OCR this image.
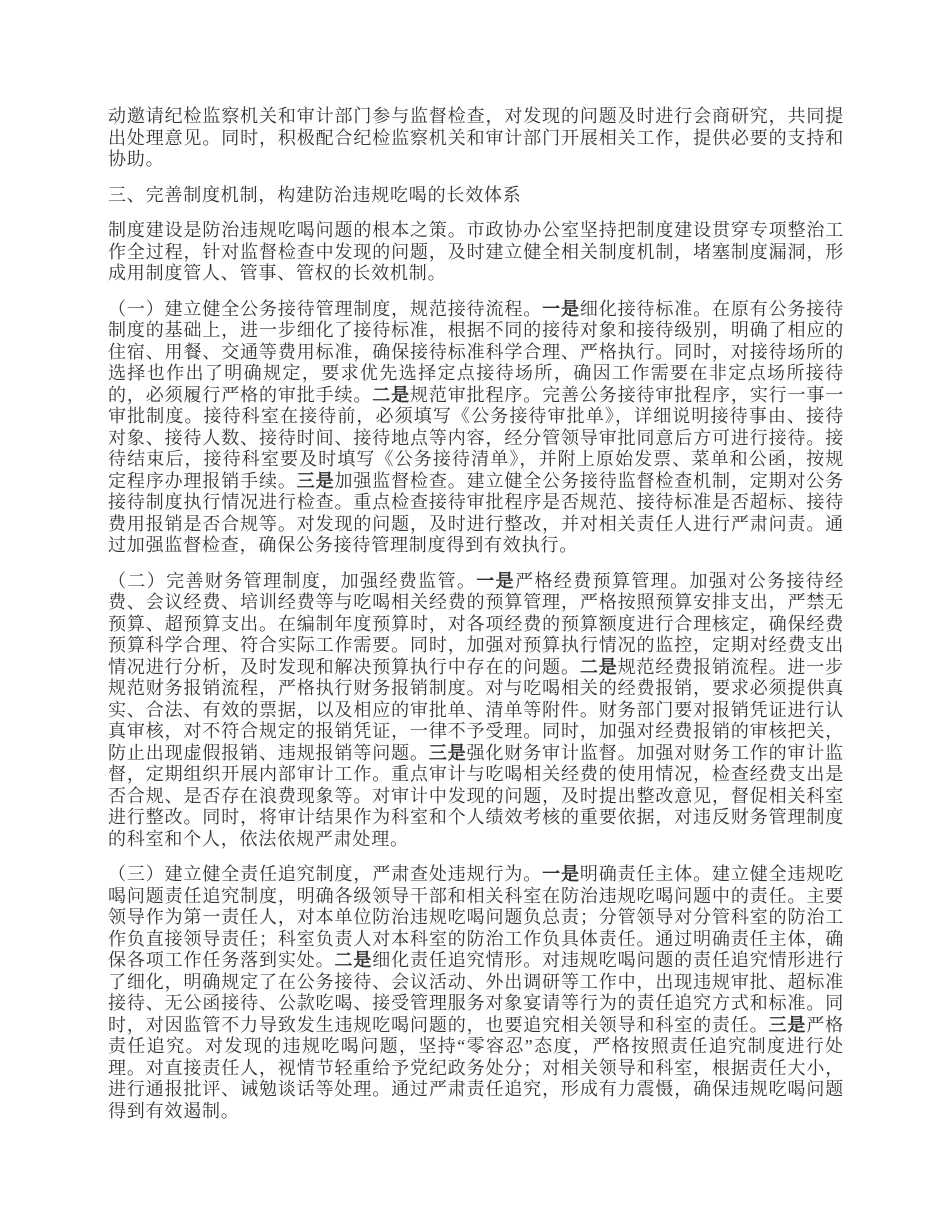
动邀请纪检监察机关和审计部门参与监督检查，对发现的问题及时进行会商研究，共同提出处理意见。同时，积极配合纪检监察机关和审计部门开展相关工作，提供必要的支持和协助。

三、完善制度机制，构建防治违规吃喝的长效体系

制度建设是防治违规吃喝问题的根本之策。市政协办公室坚持把制度建设贯穿专项整治工作全过程，针对监督检查中发现的问题，及时建立健全相关制度机制，堵塞制度漏洞，形成用制度管人、管事、管权的长效机制。

（一）建立健全公务接待管理制度，规范接待流程。一是细化接待标准。在原有公务接待制度的基础上，进一步细化了接待标准，根据不同的接待对象和接待级别，明确了相应的住宿、用餐、交通等费用标准，确保接待标准科学合理、严格执行。同时，对接待场所的选择也作出了明确规定，要求优先选择定点接待场所，确因工作需要在非定点场所接待的，必须履行严格的审批手续。二是规范审批程序。完善公务接待审批程序，实行一事一审批制度。接待科室在接待前，必须填写《公务接待审批单》，详细说明接待事由、接待对象、接待人数、接待时间、接待地点等内容，经分管领导审批同意后方可进行接待。接待结束后，接待科室要及时填写《公务接待清单》，并附上原始发票、菜单和公函，按规定程序办理报销手续。三是加强监督检查。建立健全公务接待监督检查机制，定期对公务接待制度执行情况进行检查。重点检查接待审批程序是否规范、接待标准是否超标、接待费用报销是否合规等。对发现的问题，及时进行整改，并对相关责任人进行严肃问责。通过加强监督检查，确保公务接待管理制度得到有效执行。

（二）完善财务管理制度，加强经费监管。一是严格经费预算管理。加强对公务接待经费、会议经费、培训经费等与吃喝相关经费的预算管理，严格按照预算安排支出，严禁无预算、超预算支出。在编制年度预算时，对各项经费的预算额度进行合理核定，确保经费预算科学合理、符合实际工作需要。同时，加强对预算执行情况的监控，定期对经费支出情况进行分析，及时发现和解决预算执行中存在的问题。二是规范经费报销流程。进一步规范财务报销流程，严格执行财务报销制度。对与吃喝相关的经费报销，要求必须提供真实、合法、有效的票据，以及相应的审批单、清单等附件。财务部门要对报销凭证进行认真审核，对不符合规定的报销凭证，一律不予受理。同时，加强对经费报销的审核把关，防止出现虚假报销、违规报销等问题。三是强化财务审计监督。加强对财务工作的审计监督，定期组织开展内部审计工作。重点审计与吃喝相关经费的使用情况，检查经费支出是否合规、是否存在浪费现象等。对审计中发现的问题，及时提出整改意见，督促相关科室进行整改。同时，将审计结果作为科室和个人绩效考核的重要依据，对违反财务管理制度的科室和个人，依法依规严肃处理。

（三）建立健全责任追究制度，严肃查处违规行为。一是明确责任主体。建立健全违规吃喝问题责任追究制度，明确各级领导干部和相关科室在防治违规吃喝问题中的责任。主要领导作为第一责任人，对本单位防治违规吃喝问题负总责；分管领导对分管科室的防治工作负直接领导责任；科室负责人对本科室的防治工作负具体责任。通过明确责任主体，确保各项工作任务落到实处。二是细化责任追究情形。对违规吃喝问题的责任追究情形进行了细化，明确规定了在公务接待、会议活动、外出调研等工作中，出现违规审批、超标准接待、无公函接待、公款吃喝、接受管理服务对象宴请等行为的责任追究方式和标准。同时，对因监管不力导致发生违规吃喝问题的，也要追究相关领导和科室的责任。三是严格责任追究。对发现的违规吃喝问题，坚持“零容忍”态度，严格按照责任追究制度进行处理。对直接责任人，视情节轻重给予党纪政务处分；对相关领导和科室，根据责任大小，进行通报批评、诫勉谈话等处理。通过严肃责任追究，形成有力震慑，确保违规吃喝问题得到有效遏制。
